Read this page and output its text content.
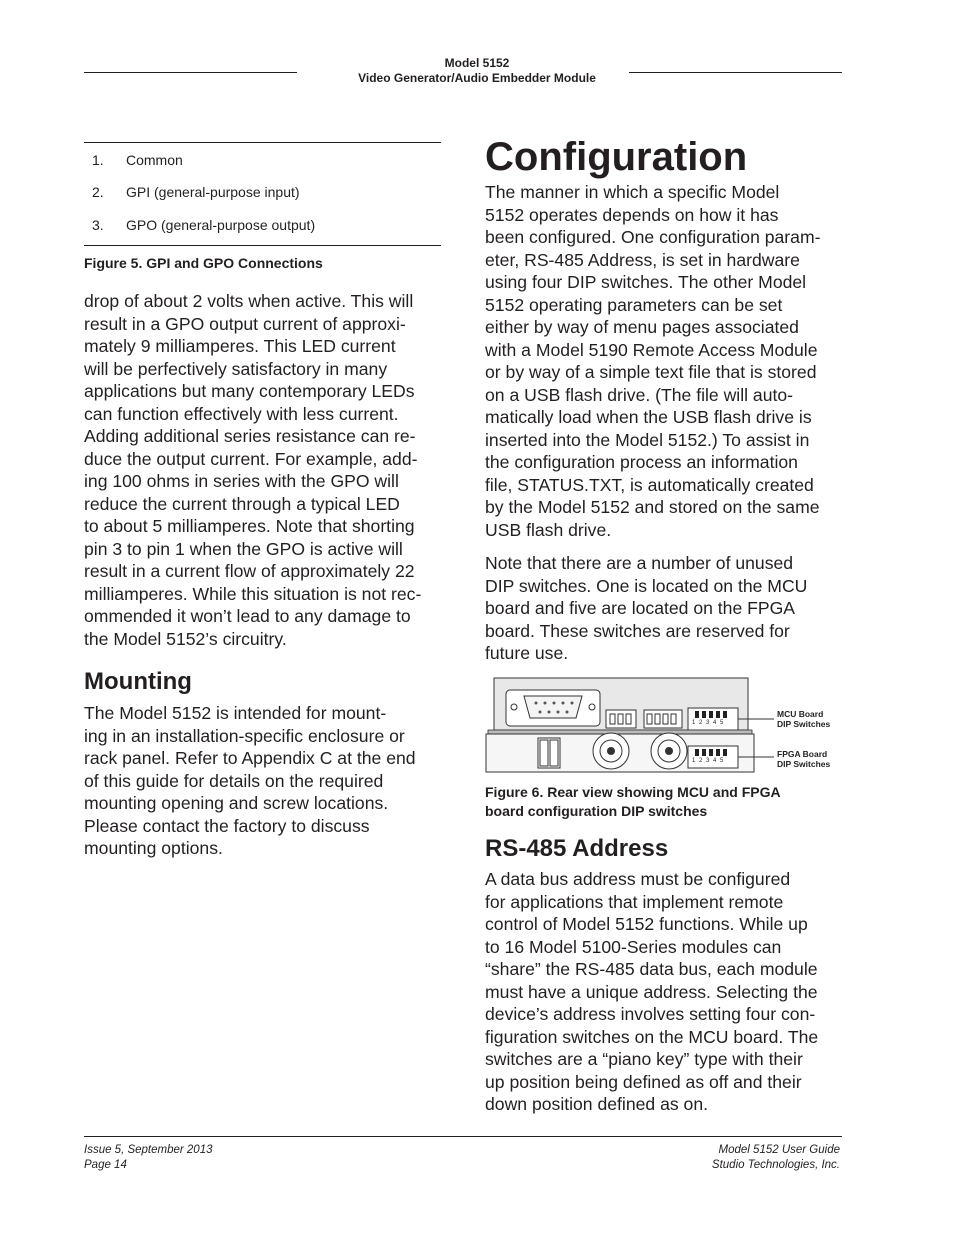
Model 5152
Video Generator/Audio Embedder Module
1. Common
2. GPI (general-purpose input)
3. GPO (general-purpose output)
Figure 5. GPI and GPO Connections
drop of about 2 volts when active. This will
result in a GPO output current of approxi-
mately 9 milliamperes. This LED current
will be perfectively satisfactory in many
applications but many contemporary LEDs
can function effectively with less current.
Adding additional series resistance can re-
duce the output current. For example, add-
ing 100 ohms in series with the GPO will
reduce the current through a typical LED
to about 5 milliamperes. Note that shorting
pin 3 to pin 1 when the GPO is active will
result in a current flow of approximately 22
milliamperes. While this situation is not rec-
ommended it won’t lead to any damage to
the Model 5152’s circuitry.
Mounting
The Model 5152 is intended for mount-
ing in an installation-specific enclosure or
rack panel. Refer to Appendix C at the end
of this guide for details on the required
mounting opening and screw locations.
Please contact the factory to discuss
mounting options.
Configuration
The manner in which a specific Model
5152 operates depends on how it has
been configured. One configuration param-
eter, RS-485 Address, is set in hardware
using four DIP switches. The other Model
5152 operating parameters can be set
either by way of menu pages associated
with a Model 5190 Remote Access Module
or by way of a simple text file that is stored
on a USB flash drive. (The file will auto-
matically load when the USB flash drive is
inserted into the Model 5152.) To assist in
the configuration process an information
file, STATUS.TXT, is automatically created
by the Model 5152 and stored on the same
USB flash drive.
Note that there are a number of unused
DIP switches. One is located on the MCU
board and five are located on the FPGA
board. These switches are reserved for
future use.
1 2 3 4 5
1 2 3 4 5
MCU Board
DIP Switches
FPGA Board
DIP Switches
Figure 6. Rear view showing MCU and FPGA
board configuration DIP switches
RS-485 Address
A data bus address must be configured
for applications that implement remote
control of Model 5152 functions. While up
to 16 Model 5100-Series modules can
“share” the RS-485 data bus, each module
must have a unique address. Selecting the
device’s address involves setting four con-
figuration switches on the MCU board. The
switches are a “piano key” type with their
up position being defined as off and their
down position defined as on.
Issue 5, September 2013
Page 14
Model 5152 User Guide
Studio Technologies, Inc.
